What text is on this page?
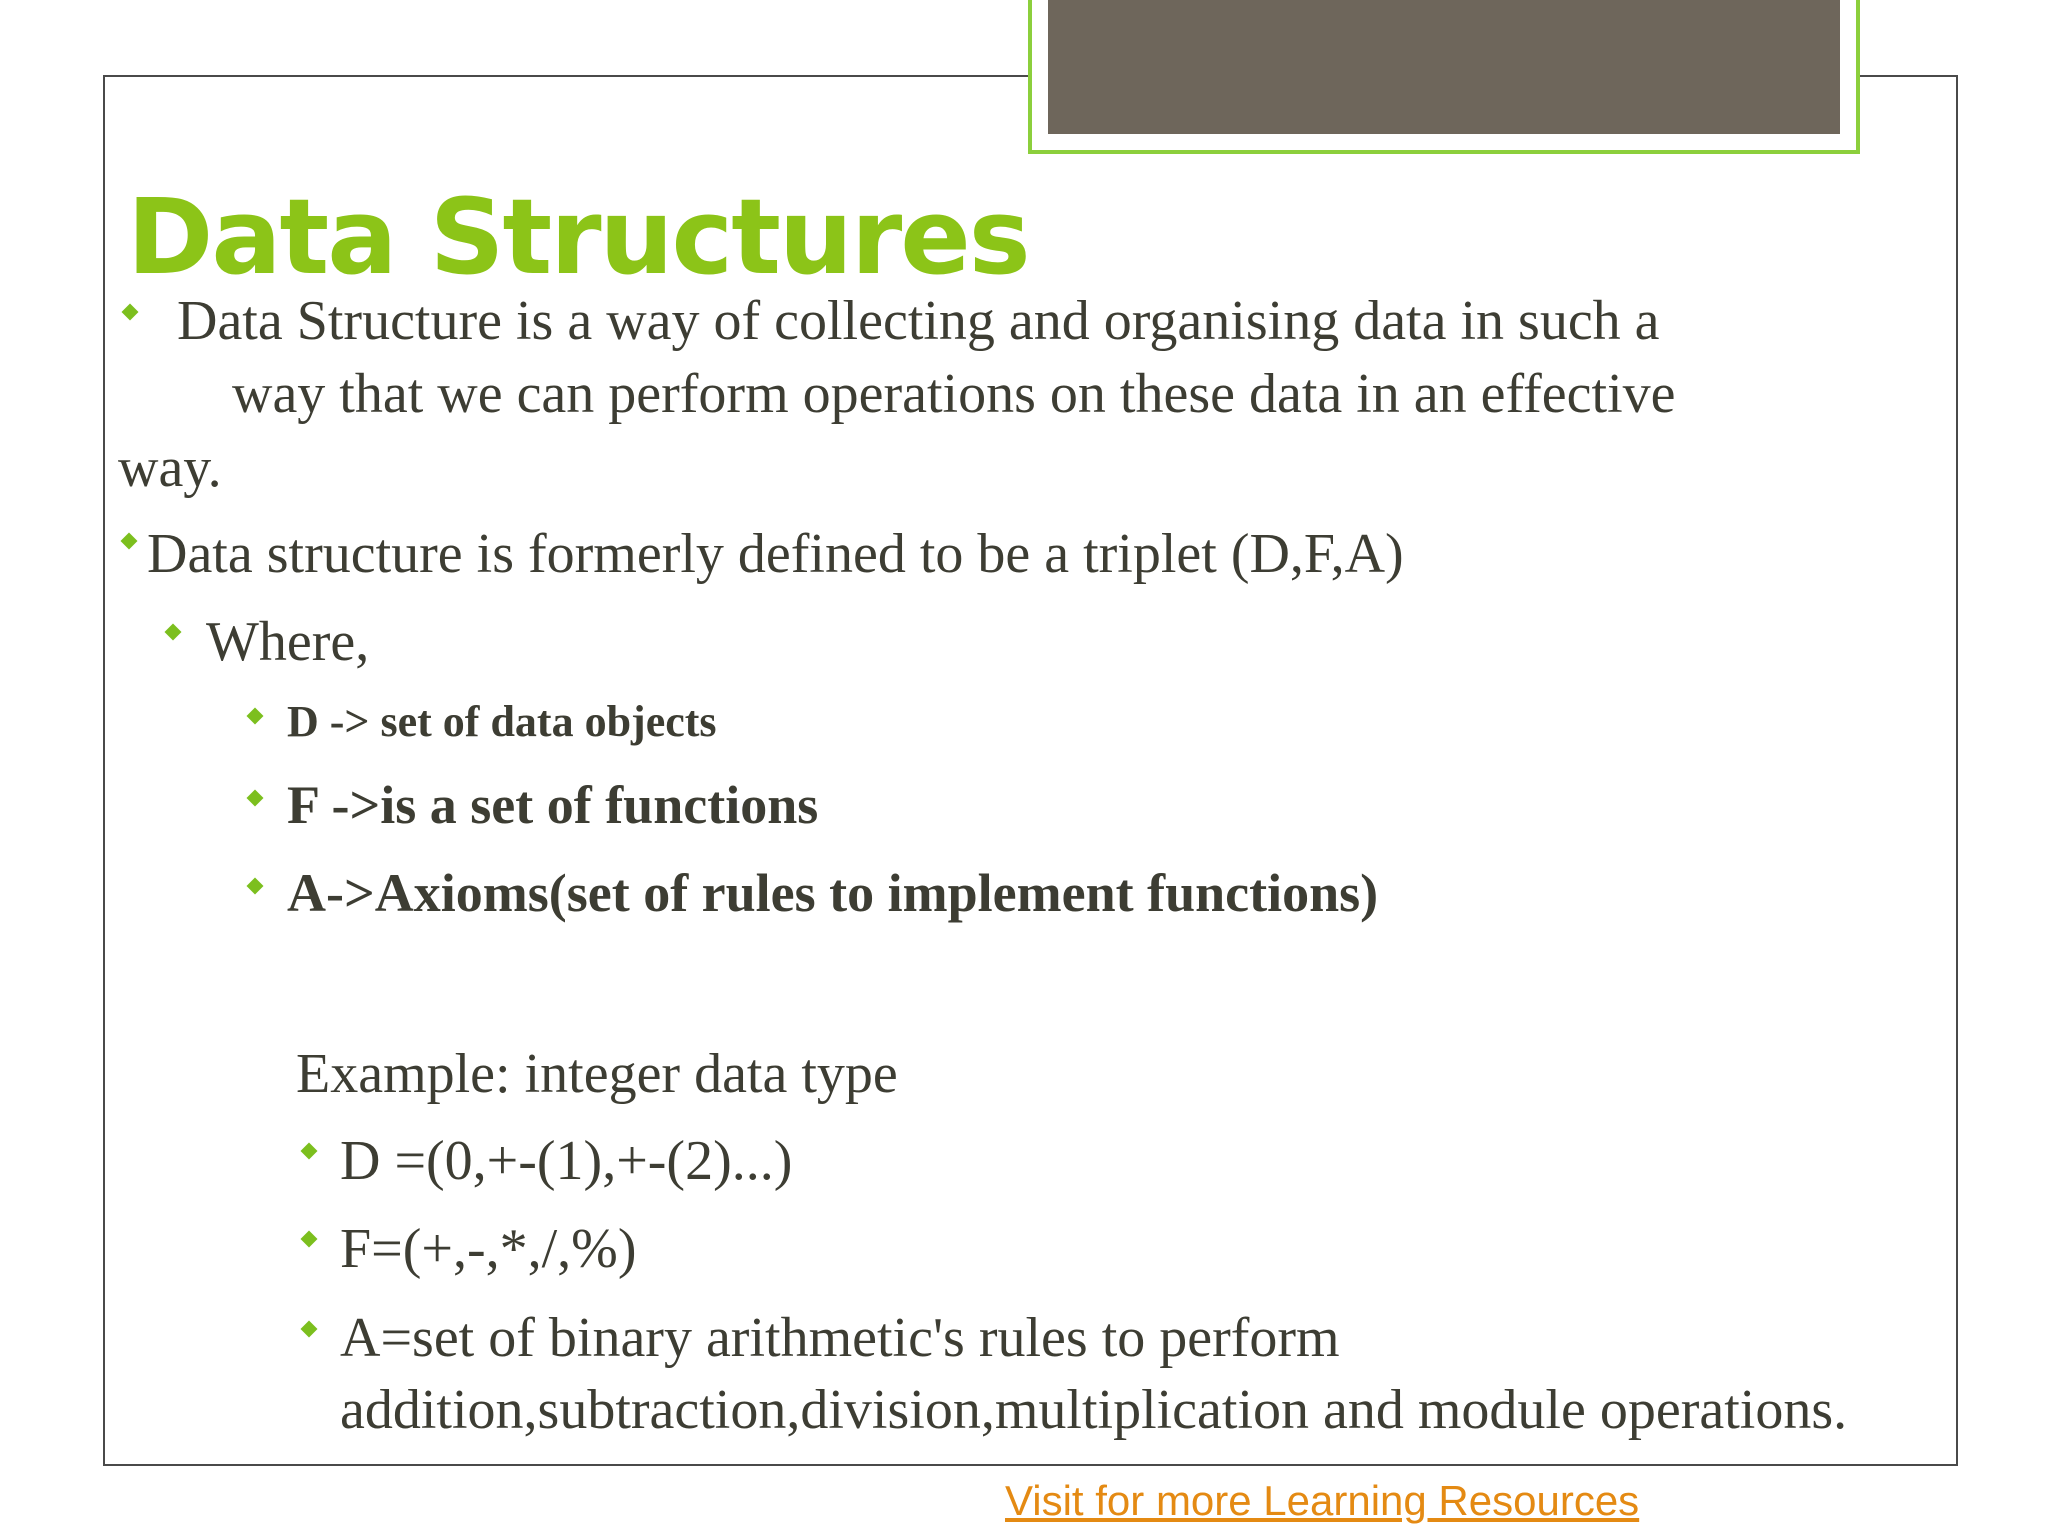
Data Structures

Data Structure is a way of collecting and organising data in such a

way that we can perform operations on these data in an effective

way.

Data structure is formerly defined to be a triplet (D,F,A)

Where,

D -> set of data objects

F ->is a set of functions

A->Axioms(set of rules to implement functions)

Example: integer data type

D =(0,+-(1),+-(2)...)

F=(+,-,*,/,%)

A=set of binary arithmetic's rules to perform

addition,subtraction,division,multiplication and module operations.

Visit for more Learning Resources
